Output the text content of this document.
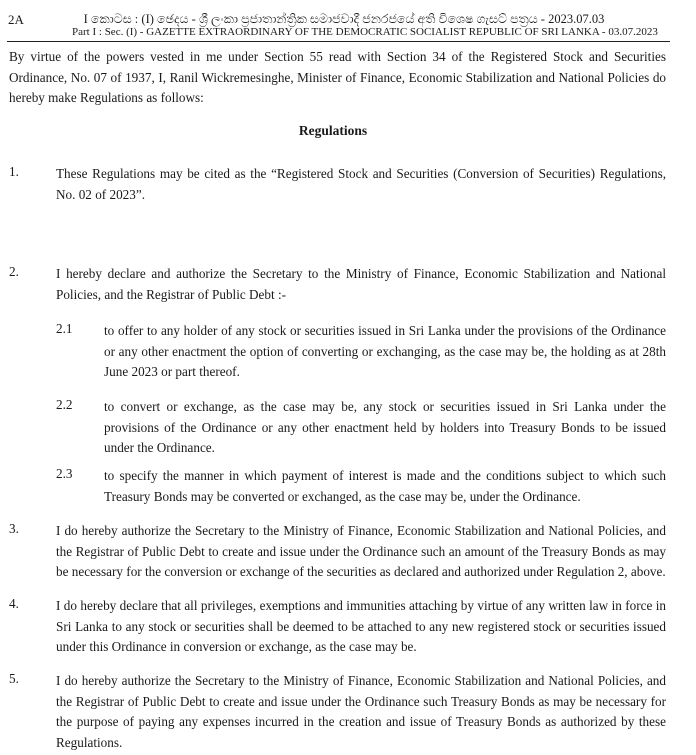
2A	I කොටස : (I) ඡෙදය - ශ්‍රී ලංකා ප්‍රජාතාන්ත්‍රික සමාජවාදී ජනරජයේ අති විශෙෂ ගැසට් පත්‍රය - 2023.07.03
Part I : Sec. (I) - GAZETTE EXTRAORDINARY OF THE DEMOCRATIC SOCIALIST REPUBLIC OF SRI LANKA - 03.07.2023
By virtue of the powers vested in me under Section 55 read with Section 34 of the Registered Stock and Securities Ordinance, No. 07 of 1937, I, Ranil Wickremesinghe, Minister of Finance, Economic Stabilization and National Policies do hereby make Regulations as follows:
Regulations
1.	These Regulations may be cited as the “Registered Stock and Securities (Conversion of Securities) Regulations, No. 02 of 2023”.
2.	I hereby declare and authorize the Secretary to the Ministry of Finance, Economic Stabilization and National Policies, and the Registrar of Public Debt :-
2.1 to offer to any holder of any stock or securities issued in Sri Lanka under the provisions of the Ordinance or any other enactment the option of converting or exchanging, as the case may be, the holding as at 28th June 2023 or part thereof.
2.2 to convert or exchange, as the case may be, any stock or securities issued in Sri Lanka under the provisions of the Ordinance or any other enactment held by holders into Treasury Bonds to be issued under the Ordinance.
2.3 to specify the manner in which payment of interest is made and the conditions subject to which such Treasury Bonds may be converted or exchanged, as the case may be, under the Ordinance.
3.	I do hereby authorize the Secretary to the Ministry of Finance, Economic Stabilization and National Policies, and the Registrar of Public Debt to create and issue under the Ordinance such an amount of the Treasury Bonds as may be necessary for the conversion or exchange of the securities as declared and authorized under Regulation 2, above.
4.	I do hereby declare that all privileges, exemptions and immunities attaching by virtue of any written law in force in Sri Lanka to any stock or securities shall be deemed to be attached to any new registered stock or securities issued under this Ordinance in conversion or exchange, as the case may be.
5.	I do hereby authorize the Secretary to the Ministry of Finance, Economic Stabilization and National Policies, and the Registrar of Public Debt to create and issue under the Ordinance such Treasury Bonds as may be necessary for the purpose of paying any expenses incurred in the creation and issue of Treasury Bonds as authorized by these Regulations.
